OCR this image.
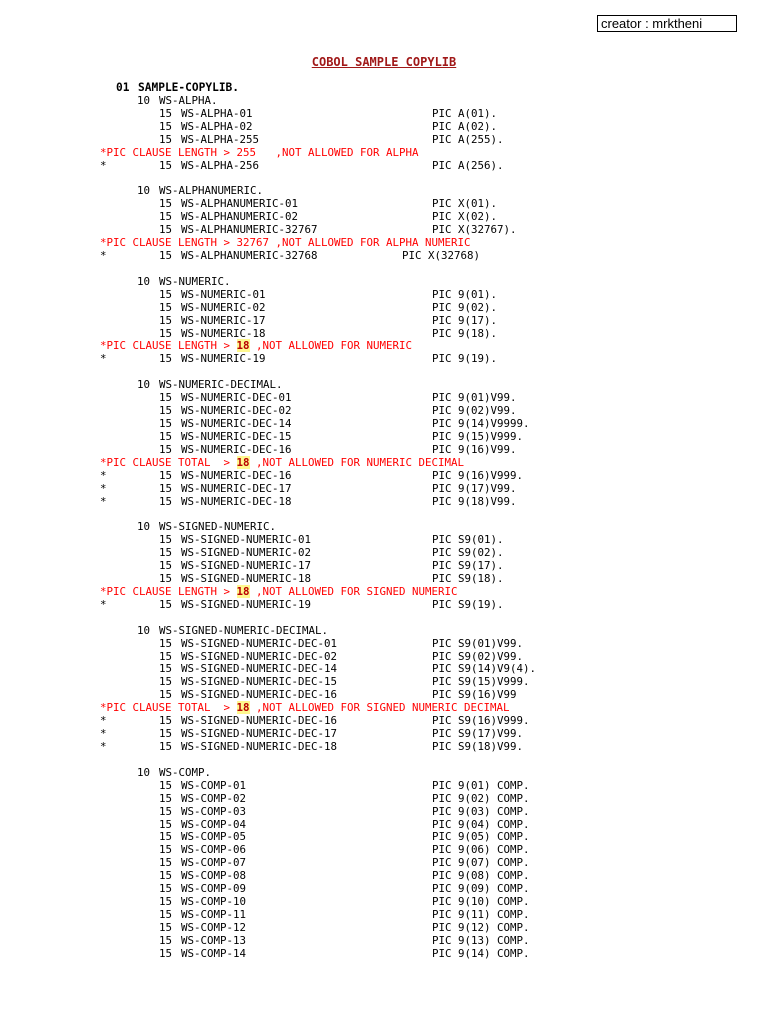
creator : mrktheni
COBOL SAMPLE COPYLIB
01 SAMPLE-COPYLIB.
10 WS-ALPHA.
15 WS-ALPHA-01	PIC A(01).
15 WS-ALPHA-02	PIC A(02).
15 WS-ALPHA-255	PIC A(255).
*PIC CLAUSE LENGTH > 255   ,NOT ALLOWED FOR ALPHA
*	15 WS-ALPHA-256	PIC A(256).
10 WS-ALPHANUMERIC.
15 WS-ALPHANUMERIC-01	PIC X(01).
15 WS-ALPHANUMERIC-02	PIC X(02).
15 WS-ALPHANUMERIC-32767	PIC X(32767).
*PIC CLAUSE LENGTH > 32767 ,NOT ALLOWED FOR ALPHA NUMERIC
*	15 WS-ALPHANUMERIC-32768	PIC X(32768)
10 WS-NUMERIC.
15 WS-NUMERIC-01	PIC 9(01).
15 WS-NUMERIC-02	PIC 9(02).
15 WS-NUMERIC-17	PIC 9(17).
15 WS-NUMERIC-18	PIC 9(18).
*PIC CLAUSE LENGTH > 18 ,NOT ALLOWED FOR NUMERIC
*	15 WS-NUMERIC-19	PIC 9(19).
10 WS-NUMERIC-DECIMAL.
15 WS-NUMERIC-DEC-01	PIC 9(01)V99.
15 WS-NUMERIC-DEC-02	PIC 9(02)V99.
15 WS-NUMERIC-DEC-14	PIC 9(14)V9999.
15 WS-NUMERIC-DEC-15	PIC 9(15)V999.
15 WS-NUMERIC-DEC-16	PIC 9(16)V99.
*PIC CLAUSE TOTAL  > 18 ,NOT ALLOWED FOR NUMERIC DECIMAL
*	15 WS-NUMERIC-DEC-16	PIC 9(16)V999.
*	15 WS-NUMERIC-DEC-17	PIC 9(17)V99.
*	15 WS-NUMERIC-DEC-18	PIC 9(18)V99.
10 WS-SIGNED-NUMERIC.
15 WS-SIGNED-NUMERIC-01	PIC S9(01).
15 WS-SIGNED-NUMERIC-02	PIC S9(02).
15 WS-SIGNED-NUMERIC-17	PIC S9(17).
15 WS-SIGNED-NUMERIC-18	PIC S9(18).
*PIC CLAUSE LENGTH > 18 ,NOT ALLOWED FOR SIGNED NUMERIC
*	15 WS-SIGNED-NUMERIC-19	PIC S9(19).
10 WS-SIGNED-NUMERIC-DECIMAL.
15 WS-SIGNED-NUMERIC-DEC-01	PIC S9(01)V99.
15 WS-SIGNED-NUMERIC-DEC-02	PIC S9(02)V99.
15 WS-SIGNED-NUMERIC-DEC-14	PIC S9(14)V9(4).
15 WS-SIGNED-NUMERIC-DEC-15	PIC S9(15)V999.
15 WS-SIGNED-NUMERIC-DEC-16	PIC S9(16)V99
*PIC CLAUSE TOTAL  > 18 ,NOT ALLOWED FOR SIGNED NUMERIC DECIMAL
*	15 WS-SIGNED-NUMERIC-DEC-16	PIC S9(16)V999.
*	15 WS-SIGNED-NUMERIC-DEC-17	PIC S9(17)V99.
*	15 WS-SIGNED-NUMERIC-DEC-18	PIC S9(18)V99.
10 WS-COMP.
15 WS-COMP-01	PIC 9(01) COMP.
15 WS-COMP-02	PIC 9(02) COMP.
15 WS-COMP-03	PIC 9(03) COMP.
15 WS-COMP-04	PIC 9(04) COMP.
15 WS-COMP-05	PIC 9(05) COMP.
15 WS-COMP-06	PIC 9(06) COMP.
15 WS-COMP-07	PIC 9(07) COMP.
15 WS-COMP-08	PIC 9(08) COMP.
15 WS-COMP-09	PIC 9(09) COMP.
15 WS-COMP-10	PIC 9(10) COMP.
15 WS-COMP-11	PIC 9(11) COMP.
15 WS-COMP-12	PIC 9(12) COMP.
15 WS-COMP-13	PIC 9(13) COMP.
15 WS-COMP-14	PIC 9(14) COMP.
